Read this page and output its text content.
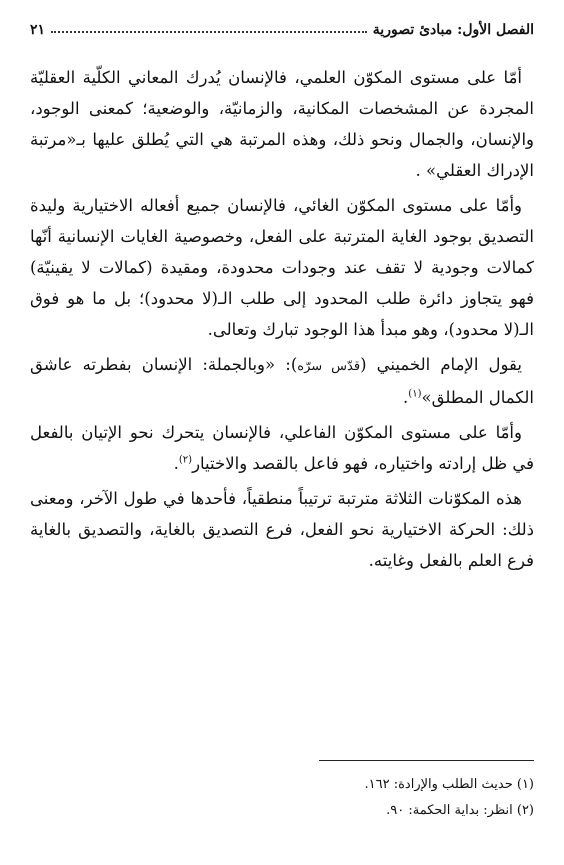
الفصل الأول: مبادئ تصورية
٢١

أمّا على مستوى المكوّن العلمي، فالإنسان يُدرك المعاني الكلّية العقليّة المجردة عن المشخصات المكانية، والزمانيّة، والوضعية؛ كمعنى الوجود، والإنسان، والجمال ونحو ذلك، وهذه المرتبة هي التي يُطلق عليها بـ«مرتبة الإدراك العقلي» .

وأمّا على مستوى المكوّن الغائي، فالإنسان جميع أفعاله الاختيارية وليدة التصديق بوجود الغاية المترتبة على الفعل، وخصوصية الغايات الإنسانية أنّها كمالات وجودية لا تقف عند وجودات محدودة، ومقيدة (كمالات لا يقينيّة) فهو يتجاوز دائرة طلب المحدود إلى طلب الـ(لا محدود)؛ بل ما هو فوق الـ(لا محدود)، وهو مبدأ هذا الوجود تبارك وتعالى.

يقول الإمام الخميني (قدّس سرّه): «وبالجملة: الإنسان بفطرته عاشق الكمال المطلق»$^{(١)}$.

وأمّا على مستوى المكوّن الفاعلي، فالإنسان يتحرك نحو الإتيان بالفعل في ظل إرادته واختياره، فهو فاعل بالقصد والاختيار$^{(٢)}$.

هذه المكوّنات الثلاثة مترتبة ترتيباً منطقياً، فأحدها في طول الآخر، ومعنى ذلك: الحركة الاختيارية نحو الفعل، فرع التصديق بالغاية، والتصديق بالغاية فرع العلم بالفعل وغايته.

(١) حديث الطلب والإرادة: ١٦٢.
(٢) انظر: بداية الحكمة: ٩٠.
